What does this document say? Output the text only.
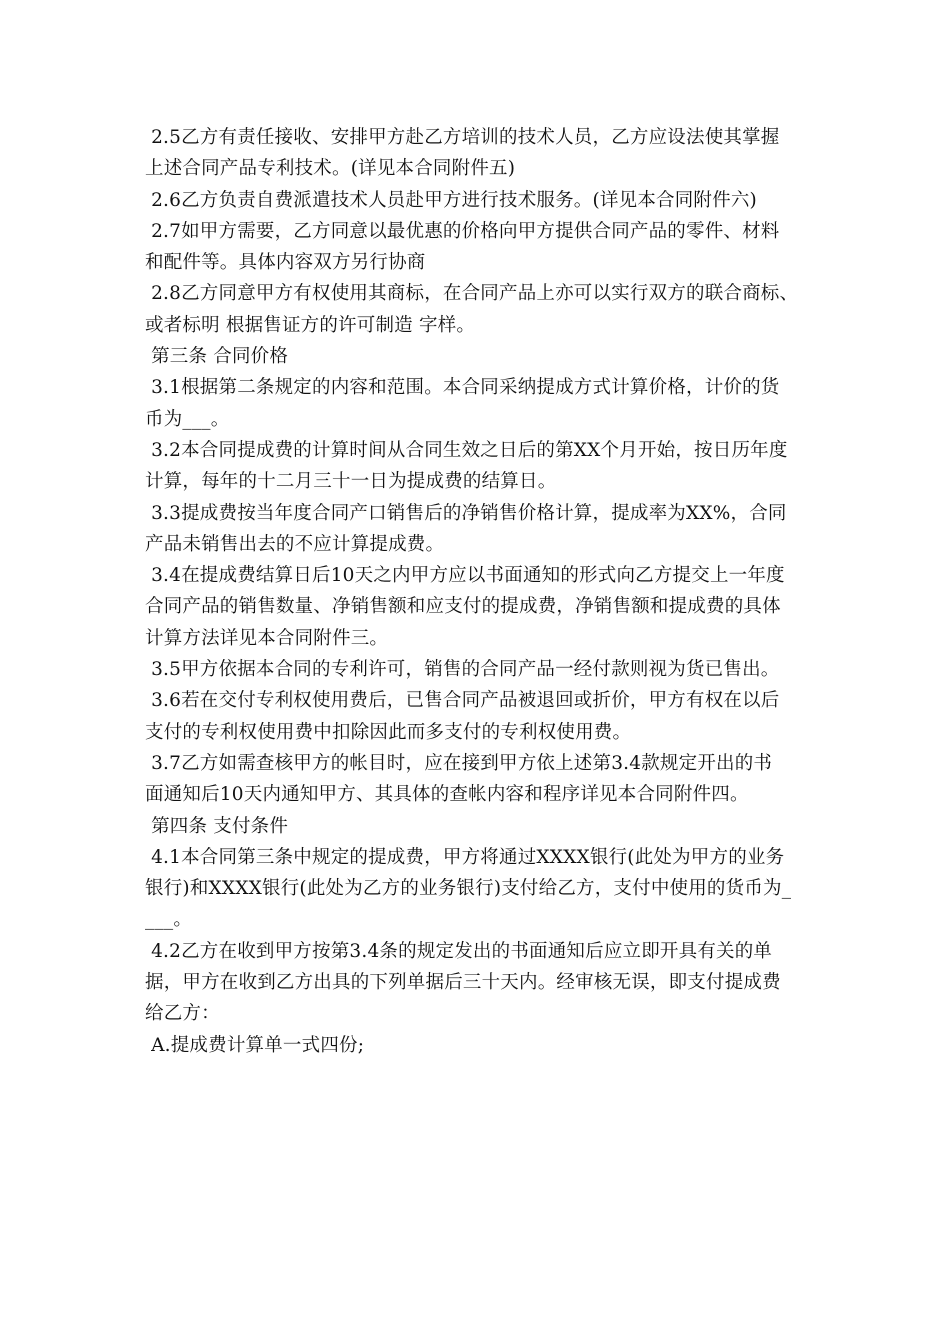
2.5乙方有责任接收、安排甲方赴乙方培训的技术人员，乙方应设法使其掌握
上述合同产品专利技术。(详见本合同附件五)
2.6乙方负责自费派遣技术人员赴甲方进行技术服务。(详见本合同附件六)
2.7如甲方需要，乙方同意以最优惠的价格向甲方提供合同产品的零件、材料
和配件等。具体内容双方另行协商
2.8乙方同意甲方有权使用其商标，在合同产品上亦可以实行双方的联合商标、
或者标明 根据售证方的许可制造 字样。
第三条 合同价格
3.1根据第二条规定的内容和范围。本合同采纳提成方式计算价格，计价的货
币为___。
3.2本合同提成费的计算时间从合同生效之日后的第XX个月开始，按日历年度
计算，每年的十二月三十一日为提成费的结算日。
3.3提成费按当年度合同产口销售后的净销售价格计算，提成率为XX%，合同
产品未销售出去的不应计算提成费。
3.4在提成费结算日后10天之内甲方应以书面通知的形式向乙方提交上一年度
合同产品的销售数量、净销售额和应支付的提成费，净销售额和提成费的具体
计算方法详见本合同附件三。
3.5甲方依据本合同的专利许可，销售的合同产品一经付款则视为货已售出。
3.6若在交付专利权使用费后，已售合同产品被退回或折价，甲方有权在以后
支付的专利权使用费中扣除因此而多支付的专利权使用费。
3.7乙方如需查核甲方的帐目时，应在接到甲方依上述第3.4款规定开出的书
面通知后10天内通知甲方、其具体的查帐内容和程序详见本合同附件四。
第四条 支付条件
4.1本合同第三条中规定的提成费，甲方将通过XXXX银行(此处为甲方的业务
银行)和XXXX银行(此处为乙方的业务银行)支付给乙方，支付中使用的货币为_
___。
4.2乙方在收到甲方按第3.4条的规定发出的书面通知后应立即开具有关的单
据，甲方在收到乙方出具的下列单据后三十天内。经审核无误，即支付提成费
给乙方：
A.提成费计算单一式四份;
